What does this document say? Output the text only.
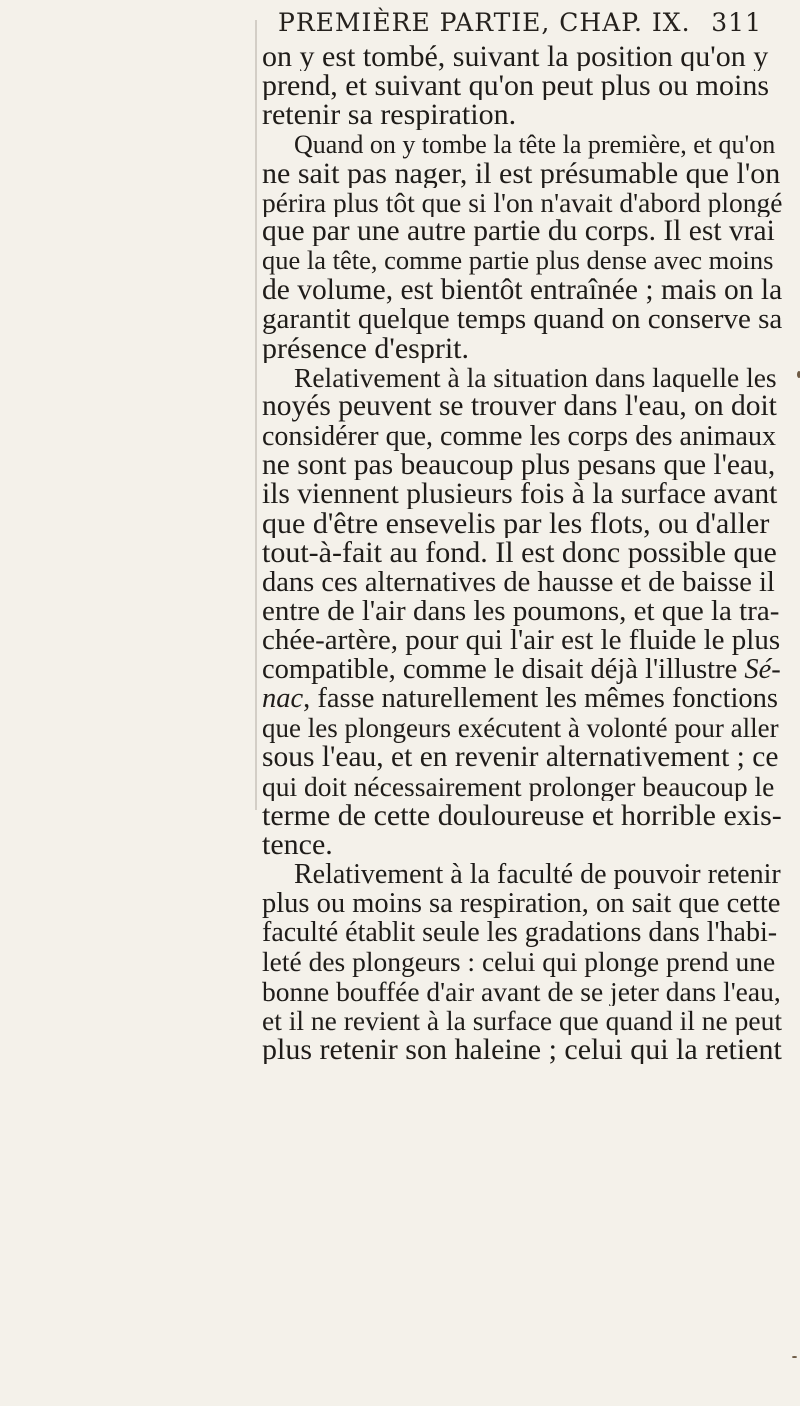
PREMIÈRE PARTIE, CHAP. IX. 311
on y est tombé, suivant la position qu'on y
prend, et suivant qu'on peut plus ou moins
retenir sa respiration.
Quand on y tombe la tête la première, et qu'on
ne sait pas nager, il est présumable que l'on
périra plus tôt que si l'on n'avait d'abord plongé
que par une autre partie du corps. Il est vrai
que la tête, comme partie plus dense avec moins
de volume, est bientôt entraînée ; mais on la
garantit quelque temps quand on conserve sa
présence d'esprit.
Relativement à la situation dans laquelle les
noyés peuvent se trouver dans l'eau, on doit
considérer que, comme les corps des animaux
ne sont pas beaucoup plus pesans que l'eau,
ils viennent plusieurs fois à la surface avant
que d'être ensevelis par les flots, ou d'aller
tout-à-fait au fond. Il est donc possible que
dans ces alternatives de hausse et de baisse il
entre de l'air dans les poumons, et que la tra-
chée-artère, pour qui l'air est le fluide le plus
compatible, comme le disait déjà l'illustre Sé-
nac, fasse naturellement les mêmes fonctions
que les plongeurs exécutent à volonté pour aller
sous l'eau, et en revenir alternativement ; ce
qui doit nécessairement prolonger beaucoup le
terme de cette douloureuse et horrible exis-
tence.
Relativement à la faculté de pouvoir retenir
plus ou moins sa respiration, on sait que cette
faculté établit seule les gradations dans l'habi-
leté des plongeurs : celui qui plonge prend une
bonne bouffée d'air avant de se jeter dans l'eau,
et il ne revient à la surface que quand il ne peut
plus retenir son haleine ; celui qui la retient
